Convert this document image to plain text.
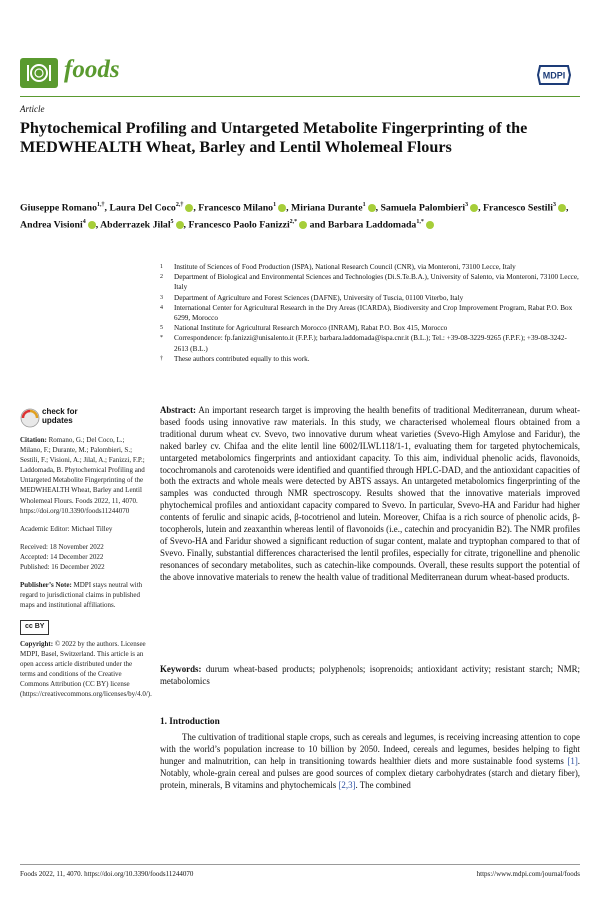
foods	MDPI
Article
Phytochemical Profiling and Untargeted Metabolite Fingerprinting of the MEDWHEALTH Wheat, Barley and Lentil Wholemeal Flours
Giuseppe Romano$^{1,\dagger}$, Laura Del Coco$^{2,\dagger}$ , Francesco Milano$^1$ , Miriana Durante$^1$ , Samuela Palombieri$^3$ , Francesco Sestili$^3$ , Andrea Visioni$^4$ , Abderrazek Jilal$^5$ , Francesco Paolo Fanizzi$^{2,*}$ and Barbara Laddomada$^{1,*}$
1 Institute of Sciences of Food Production (ISPA), National Research Council (CNR), via Monteroni, 73100 Lecce, Italy
2 Department of Biological and Environmental Sciences and Technologies (Di.S.Te.B.A.), University of Salento, via Monteroni, 73100 Lecce, Italy
3 Department of Agriculture and Forest Sciences (DAFNE), University of Tuscia, 01100 Viterbo, Italy
4 International Center for Agricultural Research in the Dry Areas (ICARDA), Biodiversity and Crop Improvement Program, Rabat P.O. Box 6299, Morocco
5 National Institute for Agricultural Research Morocco (INRAM), Rabat P.O. Box 415, Morocco
* Correspondence: fp.fanizzi@unisalento.it (F.P.F.); barbara.laddomada@ispa.cnr.it (B.L.); Tel.: +39-08-3229-9265 (F.P.F.); +39-08-3242-2613 (B.L.)
† These authors contributed equally to this work.
check for
updates
Citation: Romano, G.; Del Coco, L.; Milano, F.; Durante, M.; Palombieri, S.; Sestili, F.; Visioni, A.; Jilal, A.; Fanizzi, F.P.; Laddomada, B. Phytochemical Profiling and Untargeted Metabolite Fingerprinting of the MEDWHEALTH Wheat, Barley and Lentil Wholemeal Flours. Foods 2022, 11, 4070. https://doi.org/10.3390/foods11244070
Academic Editor: Michael Tilley
Received: 18 November 2022
Accepted: 14 December 2022
Published: 16 December 2022
Publisher’s Note: MDPI stays neutral with regard to jurisdictional claims in published maps and institutional affiliations.
cc BY
Copyright: © 2022 by the authors. Licensee MDPI, Basel, Switzerland. This article is an open access article distributed under the terms and conditions of the Creative Commons Attribution (CC BY) license (https://creativecommons.org/licenses/by/4.0/).
Abstract: An important research target is improving the health benefits of traditional Mediterranean, durum wheat-based foods using innovative raw materials. In this study, we characterised wholemeal flours obtained from a traditional durum wheat cv. Svevo, two innovative durum wheat varieties (Svevo-High Amylose and Faridur), the naked barley cv. Chifaa and the elite lentil line 6002/ILWL118/1-1, evaluating them for targeted phytochemicals, untargeted metabolomics fingerprints and antioxidant capacity. To this aim, individual phenolic acids, flavonoids, tocochromanols and carotenoids were identified and quantified through HPLC-DAD, and the antioxidant capacities of both the extracts and whole meals were detected by ABTS assays. An untargeted metabolomics fingerprinting of the samples was conducted through NMR spectroscopy. Results showed that the innovative materials improved phytochemical profiles and antioxidant capacity compared to Svevo. In particular, Svevo-HA and Faridur had higher contents of ferulic and sinapic acids, β-tocotrienol and lutein. Moreover, Chifaa is a rich source of phenolic acids, β-tocopherols, lutein and zeaxanthin whereas lentil of flavonoids (i.e., catechin and procyanidin B2). The NMR profiles of Svevo-HA and Faridur showed a significant reduction of sugar content, malate and tryptophan compared to that of Svevo. Finally, substantial differences characterised the lentil profiles, especially for citrate, trigonelline and phenolic resonances of secondary metabolites, such as catechin-like compounds. Overall, these results support the potential of the above innovative materials to renew the health value of traditional Mediterranean durum wheat-based products.
Keywords: durum wheat-based products; polyphenols; isoprenoids; antioxidant activity; resistant starch; NMR; metabolomics
1. Introduction
The cultivation of traditional staple crops, such as cereals and legumes, is receiving increasing attention to cope with the world’s population increase to 10 billion by 2050. Indeed, cereals and legumes, besides helping to fight hunger and malnutrition, can help in transitioning towards healthier diets and more sustainable food systems [1]. Notably, whole-grain cereal and pulses are good sources of complex dietary carbohydrates (starch and dietary fiber), protein, minerals, B vitamins and phytochemicals [2,3]. The combined
Foods 2022, 11, 4070. https://doi.org/10.3390/foods11244070	https://www.mdpi.com/journal/foods
